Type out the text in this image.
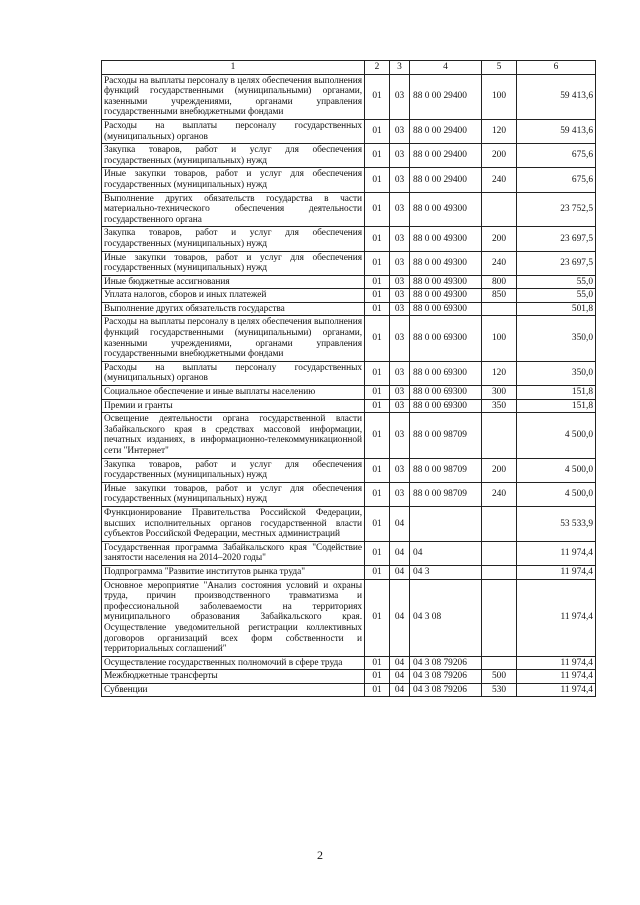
1	2	3	4	5	6
Расходы на выплаты персоналу в целях обеспечения выполнения функций государственными (муниципальными) органами, казенными учреждениями, органами управления государственными внебюджетными фондами	01	03	88 0 00 29400	100	59 413,6
Расходы на выплаты персоналу государственных (муниципальных) органов	01	03	88 0 00 29400	120	59 413,6
Закупка товаров, работ и услуг для обеспечения государственных (муниципальных) нужд	01	03	88 0 00 29400	200	675,6
Иные закупки товаров, работ и услуг для обеспечения государственных (муниципальных) нужд	01	03	88 0 00 29400	240	675,6
Выполнение других обязательств государства в части материально-технического обеспечения деятельности государственного органа	01	03	88 0 00 49300		23 752,5
Закупка товаров, работ и услуг для обеспечения государственных (муниципальных) нужд	01	03	88 0 00 49300	200	23 697,5
Иные закупки товаров, работ и услуг для обеспечения государственных (муниципальных) нужд	01	03	88 0 00 49300	240	23 697,5
Иные бюджетные ассигнования	01	03	88 0 00 49300	800	55,0
Уплата налогов, сборов и иных платежей	01	03	88 0 00 49300	850	55,0
Выполнение других обязательств государства	01	03	88 0 00 69300		501,8
Расходы на выплаты персоналу в целях обеспечения выполнения функций государственными (муниципальными) органами, казенными учреждениями, органами управления государственными внебюджетными фондами	01	03	88 0 00 69300	100	350,0
Расходы на выплаты персоналу государственных (муниципальных) органов	01	03	88 0 00 69300	120	350,0
Социальное обеспечение и иные выплаты населению	01	03	88 0 00 69300	300	151,8
Премии и гранты	01	03	88 0 00 69300	350	151,8
Освещение деятельности органа государственной власти Забайкальского края в средствах массовой информации, печатных изданиях, в информационно-телекоммуникационной сети "Интернет"	01	03	88 0 00 98709		4 500,0
Закупка товаров, работ и услуг для обеспечения государственных (муниципальных) нужд	01	03	88 0 00 98709	200	4 500,0
Иные закупки товаров, работ и услуг для обеспечения государственных (муниципальных) нужд	01	03	88 0 00 98709	240	4 500,0
Функционирование Правительства Российской Федерации, высших исполнительных органов государственной власти субъектов Российской Федерации, местных администраций	01	04			53 533,9
Государственная программа Забайкальского края "Содействие занятости населения на 2014–2020 годы"	01	04	04		11 974,4
Подпрограмма "Развитие институтов рынка труда"	01	04	04 3		11 974,4
Основное мероприятие "Анализ состояния условий и охраны труда, причин производственного травматизма и профессиональной заболеваемости на территориях муниципального образования Забайкальского края. Осуществление уведомительной регистрации коллективных договоров организаций всех форм собственности и территориальных соглашений"	01	04	04 3 08		11 974,4
Осуществление государственных полномочий в сфере труда	01	04	04 3 08 79206		11 974,4
Межбюджетные трансферты	01	04	04 3 08 79206	500	11 974,4
Субвенции	01	04	04 3 08 79206	530	11 974,4
2
